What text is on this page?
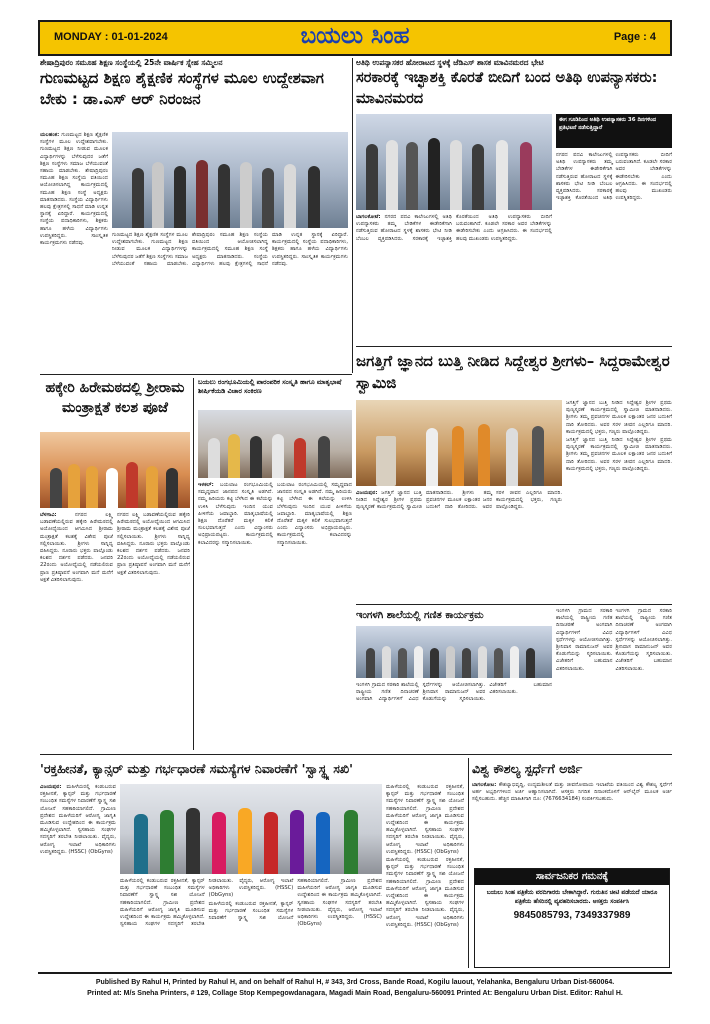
MONDAY : 01-01-2024	ಬಯಲು ಸಿಂಹ	Page : 4
ಶೇಷಾದ್ರಿಪುರಂ ಸಮೂಹ ಶಿಕ್ಷಣ ಸಂಸ್ಥೆಯಲ್ಲಿ 25ನೇ ವಾರ್ಷಿಕ ಸ್ನೇಹ ಸಮ್ಮಿಲನ
ಗುಣಮಟ್ಟದ ಶಿಕ್ಷಣ ಶೈಕ್ಷಣಿಕ ಸಂಸ್ಥೆಗಳ ಮೂಲ ಉದ್ದೇಶವಾಗ ಬೇಕು : ಡಾ.ಎಸ್ ಆರ್ ನಿರಂಜನ

ಯಲಹಂಕ: ಗುಣಮಟ್ಟದ ಶಿಕ್ಷಣ ಶೈಕ್ಷಣಿಕ ಸಂಸ್ಥೆಗಳ ಮೂಲ ಉದ್ದೇಶವಾಗಬೇಕು. ಗುಣಮಟ್ಟದ ಶಿಕ್ಷಣ ನೀಡುವ ಮೂಲಕ ವಿದ್ಯಾರ್ಥಿಗಳನ್ನು ಬೆಳೆಸುವುದರ ಜತೆಗೆ ಶಿಕ್ಷಣ ಸಂಸ್ಥೆಗಳು ಸಮಾಜ ಬೆಳೆಯುವಂತೆ ಸಹಾಯ ಮಾಡಬೇಕು. ಶೇಷಾದ್ರಿಪುರಂ ಸಮೂಹ ಶಿಕ್ಷಣ ಸಂಸ್ಥೆಯ ವತಿಯಿಂದ ಆಯೋಜಿಸಲಾಗಿದ್ದ ಕಾರ್ಯಕ್ರಮದಲ್ಲಿ ಸಮೂಹ ಶಿಕ್ಷಣ ಸಂಸ್ಥೆ ಅಧ್ಯಕ್ಷರು ಮಾತನಾಡಿದರು. ಸಂಸ್ಥೆಯ ವಿದ್ಯಾರ್ಥಿಗಳು ಹಲವು ಕ್ಷೇತ್ರಗಳಲ್ಲಿ ಸಾಧನೆ ಮಾಡಿ ಉನ್ನತ ಸ್ಥಾನಕ್ಕೆ ಏರಿದ್ದಾರೆ. ಕಾರ್ಯಕ್ರಮದಲ್ಲಿ ಸಂಸ್ಥೆಯ ಪದಾಧಿಕಾರಿಗಳು, ಶಿಕ್ಷಕರು ಹಾಗೂ ಹಳೆಯ ವಿದ್ಯಾರ್ಥಿಗಳು ಉಪಸ್ಥಿತರಿದ್ದರು. ಸಾಂಸ್ಕೃತಿಕ ಕಾರ್ಯಕ್ರಮಗಳು ನಡೆದವು.

ಗುಣಮಟ್ಟದ ಶಿಕ್ಷಣ ಶೈಕ್ಷಣಿಕ ಸಂಸ್ಥೆಗಳ ಮೂಲ ಉದ್ದೇಶವಾಗಬೇಕು. ಗುಣಮಟ್ಟದ ಶಿಕ್ಷಣ ನೀಡುವ ಮೂಲಕ ವಿದ್ಯಾರ್ಥಿಗಳನ್ನು ಬೆಳೆಸುವುದರ ಜತೆಗೆ ಶಿಕ್ಷಣ ಸಂಸ್ಥೆಗಳು ಸಮಾಜ ಬೆಳೆಯುವಂತೆ ಸಹಾಯ ಮಾಡಬೇಕು. ಶೇಷಾದ್ರಿಪುರಂ ಸಮೂಹ ಶಿಕ್ಷಣ ಸಂಸ್ಥೆಯ ವತಿಯಿಂದ ಆಯೋಜಿಸಲಾಗಿದ್ದ ಕಾರ್ಯಕ್ರಮದಲ್ಲಿ ಸಮೂಹ ಶಿಕ್ಷಣ ಸಂಸ್ಥೆ ಅಧ್ಯಕ್ಷರು ಮಾತನಾಡಿದರು. ಸಂಸ್ಥೆಯ ವಿದ್ಯಾರ್ಥಿಗಳು ಹಲವು ಕ್ಷೇತ್ರಗಳಲ್ಲಿ ಸಾಧನೆ ಮಾಡಿ ಉನ್ನತ ಸ್ಥಾನಕ್ಕೆ ಏರಿದ್ದಾರೆ. ಕಾರ್ಯಕ್ರಮದಲ್ಲಿ ಸಂಸ್ಥೆಯ ಪದಾಧಿಕಾರಿಗಳು, ಶಿಕ್ಷಕರು ಹಾಗೂ ಹಳೆಯ ವಿದ್ಯಾರ್ಥಿಗಳು ಉಪಸ್ಥಿತರಿದ್ದರು. ಸಾಂಸ್ಕೃತಿಕ ಕಾರ್ಯಕ್ರಮಗಳು ನಡೆದವು.

ಅತಿಥಿ ಉಪನ್ಯಾಸಕರ ಹೋರಾಟದ ಸ್ಥಳಕ್ಕೆ ಜೆಡಿಎಸ್ ಶಾಸಕ ಮಾವಿನಮರದ ಭೇಟಿ
ಸರಕಾರಕ್ಕೆ ಇಚ್ಛಾಶಕ್ತಿ ಕೊರತೆ ಬೀದಿಗೆ ಬಂದ ಅತಿಥಿ ಉಪನ್ಯಾಸಕರು: ಮಾವಿನಮರದ
ಈಗ ಗೂಡಿನಿಂದ ಅತಿಥಿ ಉಪನ್ಯಾಸಕರು 36 ದಿನಗಳಿಂದ ಪ್ರತಿಭಟನೆ ನಡೆಸುತ್ತಿದ್ದಾರೆ

ನಗರದ ಪದವಿ ಕಾಲೇಜುಗಳಲ್ಲಿ ಅತಿಥಿ ಉಪನ್ಯಾಸಕರು ತಮ್ಮ ಬೇಡಿಕೆಗಳ ಈಡೇರಿಕೆಗಾಗಿ ನಡೆಸುತ್ತಿರುವ ಹೋರಾಟದ ಸ್ಥಳಕ್ಕೆ ಶಾಸಕರು ಭೇಟಿ ನೀಡಿ ಬೆಂಬಲ ವ್ಯಕ್ತಪಡಿಸಿದರು. ಸರಕಾರಕ್ಕೆ ಇಚ್ಛಾಶಕ್ತಿ ಕೊರತೆಯಿಂದ ಅತಿಥಿ ಉಪನ್ಯಾಸಕರು ಬೀದಿಗೆ ಬರುವಂತಾಗಿದೆ. ಕೂಡಲೇ ಸರಕಾರ ಅವರ ಬೇಡಿಕೆಗಳನ್ನು ಈಡೇರಿಸಬೇಕು ಎಂದು ಆಗ್ರಹಿಸಿದರು. ಈ ಸಂದರ್ಭದಲ್ಲಿ ಹಲವು ಮುಖಂಡರು ಉಪಸ್ಥಿತರಿದ್ದರು.

ಬಾಗಲಕೋಟೆ: ನಗರದ ಪದವಿ ಕಾಲೇಜುಗಳಲ್ಲಿ ಅತಿಥಿ ಉಪನ್ಯಾಸಕರು ತಮ್ಮ ಬೇಡಿಕೆಗಳ ಈಡೇರಿಕೆಗಾಗಿ ನಡೆಸುತ್ತಿರುವ ಹೋರಾಟದ ಸ್ಥಳಕ್ಕೆ ಶಾಸಕರು ಭೇಟಿ ನೀಡಿ ಬೆಂಬಲ ವ್ಯಕ್ತಪಡಿಸಿದರು. ಸರಕಾರಕ್ಕೆ ಇಚ್ಛಾಶಕ್ತಿ ಕೊರತೆಯಿಂದ ಅತಿಥಿ ಉಪನ್ಯಾಸಕರು ಬೀದಿಗೆ ಬರುವಂತಾಗಿದೆ. ಕೂಡಲೇ ಸರಕಾರ ಅವರ ಬೇಡಿಕೆಗಳನ್ನು ಈಡೇರಿಸಬೇಕು ಎಂದು ಆಗ್ರಹಿಸಿದರು. ಈ ಸಂದರ್ಭದಲ್ಲಿ ಹಲವು ಮುಖಂಡರು ಉಪಸ್ಥಿತರಿದ್ದರು.

ಜಗತ್ತಿಗೆ ಜ್ಞಾನದ ಬುತ್ತಿ ನೀಡಿದ ಸಿದ್ದೇಶ್ವರ ಶ್ರೀಗಳು– ಸಿದ್ದರಾಮೇಶ್ವರ ಸ್ವಾಮಿಜಿ

ಜಗತ್ತಿಗೆ ಜ್ಞಾನದ ಬುತ್ತಿ ನೀಡಿದ ಸಿದ್ದೇಶ್ವರ ಶ್ರೀಗಳ ಪ್ರಥಮ ಪುಣ್ಯಸ್ಮರಣೆ ಕಾರ್ಯಕ್ರಮದಲ್ಲಿ ಸ್ವಾಮೀಜಿ ಮಾತನಾಡಿದರು. ಶ್ರೀಗಳು ತಮ್ಮ ಪ್ರವಚನಗಳ ಮೂಲಕ ಲಕ್ಷಾಂತರ ಜನರ ಬದುಕಿಗೆ ದಾರಿ ತೋರಿದರು. ಅವರ ಸರಳ ಜೀವನ ಎಲ್ಲರಿಗೂ ಮಾದರಿ. ಕಾರ್ಯಕ್ರಮದಲ್ಲಿ ಭಕ್ತರು, ಗಣ್ಯರು ಪಾಲ್ಗೊಂಡಿದ್ದರು.

ಜಗತ್ತಿಗೆ ಜ್ಞಾನದ ಬುತ್ತಿ ನೀಡಿದ ಸಿದ್ದೇಶ್ವರ ಶ್ರೀಗಳ ಪ್ರಥಮ ಪುಣ್ಯಸ್ಮರಣೆ ಕಾರ್ಯಕ್ರಮದಲ್ಲಿ ಸ್ವಾಮೀಜಿ ಮಾತನಾಡಿದರು. ಶ್ರೀಗಳು ತಮ್ಮ ಪ್ರವಚನಗಳ ಮೂಲಕ ಲಕ್ಷಾಂತರ ಜನರ ಬದುಕಿಗೆ ದಾರಿ ತೋರಿದರು. ಅವರ ಸರಳ ಜೀವನ ಎಲ್ಲರಿಗೂ ಮಾದರಿ. ಕಾರ್ಯಕ್ರಮದಲ್ಲಿ ಭಕ್ತರು, ಗಣ್ಯರು ಪಾಲ್ಗೊಂಡಿದ್ದರು.

ವಿಜಯಪುರ: ಜಗತ್ತಿಗೆ ಜ್ಞಾನದ ಬುತ್ತಿ ನೀಡಿದ ಸಿದ್ದೇಶ್ವರ ಶ್ರೀಗಳ ಪ್ರಥಮ ಪುಣ್ಯಸ್ಮರಣೆ ಕಾರ್ಯಕ್ರಮದಲ್ಲಿ ಸ್ವಾಮೀಜಿ ಮಾತನಾಡಿದರು. ಶ್ರೀಗಳು ತಮ್ಮ ಪ್ರವಚನಗಳ ಮೂಲಕ ಲಕ್ಷಾಂತರ ಜನರ ಬದುಕಿಗೆ ದಾರಿ ತೋರಿದರು. ಅವರ ಸರಳ ಜೀವನ ಎಲ್ಲರಿಗೂ ಮಾದರಿ. ಕಾರ್ಯಕ್ರಮದಲ್ಲಿ ಭಕ್ತರು, ಗಣ್ಯರು ಪಾಲ್ಗೊಂಡಿದ್ದರು.

ಹಕ್ಕೇರಿ ಹಿರೇಮಠದಲ್ಲಿ ಶ್ರೀರಾಮ ಮಂತ್ರಾಕ್ಷತೆ ಕಲಶ ಪೂಜೆ

ಬೆಳಗಾವಿ:	ನಗರದ ಲಕ್ಷ್ಮಿ ಬಡಾವಣೆಯಲ್ಲಿರುವ ಹಕ್ಕೇರಿ ಹಿರೇಮಠದಲ್ಲಿ ಅಯೋಧ್ಯೆಯಿಂದ ಆಗಮಿಸಿದ ಶ್ರೀರಾಮ ಮಂತ್ರಾಕ್ಷತೆ ಕಲಶಕ್ಕೆ ವಿಶೇಷ ಪೂಜೆ ಸಲ್ಲಿಸಲಾಯಿತು. ಶ್ರೀಗಳು ಸಾನ್ನಿಧ್ಯ ವಹಿಸಿದ್ದರು. ನೂರಾರು ಭಕ್ತರು ಪಾಲ್ಗೊಂಡು ಕಲಶದ ದರ್ಶನ ಪಡೆದರು. ಜನವರಿ 22ರಂದು ಅಯೋಧ್ಯೆಯಲ್ಲಿ ನಡೆಯಲಿರುವ ಪ್ರಾಣ ಪ್ರತಿಷ್ಠಾಪನೆ ಅಂಗವಾಗಿ ಮನೆ ಮನೆಗೆ ಅಕ್ಷತೆ ವಿತರಿಸಲಾಗುವುದು.

ನಗರದ ಲಕ್ಷ್ಮಿ ಬಡಾವಣೆಯಲ್ಲಿರುವ ಹಕ್ಕೇರಿ ಹಿರೇಮಠದಲ್ಲಿ ಅಯೋಧ್ಯೆಯಿಂದ ಆಗಮಿಸಿದ ಶ್ರೀರಾಮ ಮಂತ್ರಾಕ್ಷತೆ ಕಲಶಕ್ಕೆ ವಿಶೇಷ ಪೂಜೆ ಸಲ್ಲಿಸಲಾಯಿತು. ಶ್ರೀಗಳು ಸಾನ್ನಿಧ್ಯ ವಹಿಸಿದ್ದರು. ನೂರಾರು ಭಕ್ತರು ಪಾಲ್ಗೊಂಡು ಕಲಶದ ದರ್ಶನ ಪಡೆದರು. ಜನವರಿ 22ರಂದು ಅಯೋಧ್ಯೆಯಲ್ಲಿ ನಡೆಯಲಿರುವ ಪ್ರಾಣ ಪ್ರತಿಷ್ಠಾಪನೆ ಅಂಗವಾಗಿ ಮನೆ ಮನೆಗೆ ಅಕ್ಷತೆ ವಿತರಿಸಲಾಗುವುದು.

ಬಯಲು ರಂಗಭೂಮಿಯಲ್ಲಿ ಪಾರಂಪರಿಕ ಸಂಸ್ಕೃತಿ ಹಾಗೂ ಮಾತೃಭಾಷೆ ಶೀರ್ಷಿಕೆಯಡಿ ವಿಚಾರ ಸಂಕಿರಣ

ಇಳಕಲ್: ಬಯಲಾಟ ರಂಗಭೂಮಿಯಲ್ಲಿ ಸಮೃದ್ಧವಾದ ಜಾನಪದ ಸಂಸ್ಕೃತಿ ಅಡಗಿದೆ. ನಮ್ಮ ಹಿರಿಯರು ಕಟ್ಟಿ ಬೆಳೆಸಿದ ಈ ಕಲೆಯನ್ನು ಉಳಿಸಿ ಬೆಳೆಸುವುದು ಇಂದಿನ ಯುವ ಪೀಳಿಗೆಯ ಜವಾಬ್ದಾರಿ. ಮಾತೃಭಾಷೆಯಲ್ಲಿ ಶಿಕ್ಷಣ ದೊರೆತರೆ ಮಕ್ಕಳ ಕಲಿಕೆ ಸುಲಭವಾಗುತ್ತದೆ ಎಂದು ವಿದ್ವಾಂಸರು ಅಭಿಪ್ರಾಯಪಟ್ಟರು. ಕಾರ್ಯಕ್ರಮದಲ್ಲಿ ಕಲಾವಿದರನ್ನು ಸನ್ಮಾನಿಸಲಾಯಿತು.

ಬಯಲಾಟ ರಂಗಭೂಮಿಯಲ್ಲಿ ಸಮೃದ್ಧವಾದ ಜಾನಪದ ಸಂಸ್ಕೃತಿ ಅಡಗಿದೆ. ನಮ್ಮ ಹಿರಿಯರು ಕಟ್ಟಿ ಬೆಳೆಸಿದ ಈ ಕಲೆಯನ್ನು ಉಳಿಸಿ ಬೆಳೆಸುವುದು ಇಂದಿನ ಯುವ ಪೀಳಿಗೆಯ ಜವಾಬ್ದಾರಿ. ಮಾತೃಭಾಷೆಯಲ್ಲಿ ಶಿಕ್ಷಣ ದೊರೆತರೆ ಮಕ್ಕಳ ಕಲಿಕೆ ಸುಲಭವಾಗುತ್ತದೆ ಎಂದು ವಿದ್ವಾಂಸರು ಅಭಿಪ್ರಾಯಪಟ್ಟರು. ಕಾರ್ಯಕ್ರಮದಲ್ಲಿ ಕಲಾವಿದರನ್ನು ಸನ್ಮಾನಿಸಲಾಯಿತು.

ಇಂಗಳಗಿ ಶಾಲೆಯಲ್ಲಿ ಗಣಿತ ಕಾರ್ಯಕ್ರಮ	ಇಂಗಳಗಿ ಗ್ರಾಮದ ಸರಕಾರಿ ಶಾಲೆಯಲ್ಲಿ ರಾಷ್ಟ್ರೀಯ ಗಣಿತ ದಿನಾಚರಣೆ ಅಂಗವಾಗಿ ವಿದ್ಯಾರ್ಥಿಗಳಿಗೆ ವಿವಿಧ ಸ್ಪರ್ಧೆಗಳನ್ನು ಆಯೋಜಿಸಲಾಗಿತ್ತು. ಶ್ರೀನಿವಾಸ ರಾಮಾನುಜನ್ ಅವರ ಕೊಡುಗೆಯನ್ನು ಸ್ಮರಿಸಲಾಯಿತು. ವಿಜೇತರಿಗೆ ಬಹುಮಾನ ವಿತರಿಸಲಾಯಿತು.

ಇಂಗಳಗಿ ಗ್ರಾಮದ ಸರಕಾರಿ ಶಾಲೆಯಲ್ಲಿ ರಾಷ್ಟ್ರೀಯ ಗಣಿತ ದಿನಾಚರಣೆ ಅಂಗವಾಗಿ ವಿದ್ಯಾರ್ಥಿಗಳಿಗೆ ವಿವಿಧ ಸ್ಪರ್ಧೆಗಳನ್ನು ಆಯೋಜಿಸಲಾಗಿತ್ತು. ಶ್ರೀನಿವಾಸ ರಾಮಾನುಜನ್ ಅವರ ಕೊಡುಗೆಯನ್ನು ಸ್ಮರಿಸಲಾಯಿತು. ವಿಜೇತರಿಗೆ ಬಹುಮಾನ ವಿತರಿಸಲಾಯಿತು.

ಇಂಗಳಗಿ ಗ್ರಾಮದ ಸರಕಾರಿ ಶಾಲೆಯಲ್ಲಿ ರಾಷ್ಟ್ರೀಯ ಗಣಿತ ದಿನಾಚರಣೆ ಅಂಗವಾಗಿ ವಿದ್ಯಾರ್ಥಿಗಳಿಗೆ ವಿವಿಧ ಸ್ಪರ್ಧೆಗಳನ್ನು ಆಯೋಜಿಸಲಾಗಿತ್ತು. ಶ್ರೀನಿವಾಸ ರಾಮಾನುಜನ್ ಅವರ ಕೊಡುಗೆಯನ್ನು ಸ್ಮರಿಸಲಾಯಿತು. ವಿಜೇತರಿಗೆ ಬಹುಮಾನ ವಿತರಿಸಲಾಯಿತು.

'ರಕ್ತಹೀನತೆ, ಕ್ಯಾನ್ಸರ್ ಮತ್ತು ಗರ್ಭಧಾರಣೆ ಸಮಸ್ಯೆಗಳ ನಿವಾರಣೆಗೆ 'ಸ್ವಾಸ್ಥ್ಯ ಸಖಿ'

ವಿಜಯಪುರ: ಮಹಿಳೆಯರಲ್ಲಿ ಕಂಡುಬರುವ ರಕ್ತಹೀನತೆ, ಕ್ಯಾನ್ಸರ್ ಮತ್ತು ಗರ್ಭಧಾರಣೆ ಸಂಬಂಧಿತ ಸಮಸ್ಯೆಗಳ ನಿವಾರಣೆಗೆ ಸ್ವಾಸ್ಥ್ಯ ಸಖಿ ಯೋಜನೆ ಸಹಕಾರಿಯಾಗಲಿದೆ. ಗ್ರಾಮೀಣ ಪ್ರದೇಶದ ಮಹಿಳೆಯರಿಗೆ ಆರೋಗ್ಯ ಜಾಗೃತಿ ಮೂಡಿಸುವ ಉದ್ದೇಶದಿಂದ ಈ ಕಾರ್ಯಕ್ರಮ ಹಮ್ಮಿಕೊಳ್ಳಲಾಗಿದೆ. ಸ್ವಸಹಾಯ ಸಂಘಗಳ ಸದಸ್ಯರಿಗೆ ತರಬೇತಿ ನೀಡಲಾಯಿತು. ವೈದ್ಯರು, ಆರೋಗ್ಯ ಇಲಾಖೆ ಅಧಿಕಾರಿಗಳು ಉಪಸ್ಥಿತರಿದ್ದರು. (HSSC) (ObGyns)

ಮಹಿಳೆಯರಲ್ಲಿ ಕಂಡುಬರುವ ರಕ್ತಹೀನತೆ, ಕ್ಯಾನ್ಸರ್ ಮತ್ತು ಗರ್ಭಧಾರಣೆ ಸಂಬಂಧಿತ ಸಮಸ್ಯೆಗಳ ನಿವಾರಣೆಗೆ ಸ್ವಾಸ್ಥ್ಯ ಸಖಿ ಯೋಜನೆ ಸಹಕಾರಿಯಾಗಲಿದೆ. ಗ್ರಾಮೀಣ ಪ್ರದೇಶದ ಮಹಿಳೆಯರಿಗೆ ಆರೋಗ್ಯ ಜಾಗೃತಿ ಮೂಡಿಸುವ ಉದ್ದೇಶದಿಂದ ಈ ಕಾರ್ಯಕ್ರಮ ಹಮ್ಮಿಕೊಳ್ಳಲಾಗಿದೆ. ಸ್ವಸಹಾಯ ಸಂಘಗಳ ಸದಸ್ಯರಿಗೆ ತರಬೇತಿ ನೀಡಲಾಯಿತು. ವೈದ್ಯರು, ಆರೋಗ್ಯ ಇಲಾಖೆ ಅಧಿಕಾರಿಗಳು ಉಪಸ್ಥಿತರಿದ್ದರು. (HSSC) (ObGyns)

ಮಹಿಳೆಯರಲ್ಲಿ ಕಂಡುಬರುವ ರಕ್ತಹೀನತೆ, ಕ್ಯಾನ್ಸರ್ ಮತ್ತು ಗರ್ಭಧಾರಣೆ ಸಂಬಂಧಿತ ಸಮಸ್ಯೆಗಳ ನಿವಾರಣೆಗೆ ಸ್ವಾಸ್ಥ್ಯ ಸಖಿ ಯೋಜನೆ ಸಹಕಾರಿಯಾಗಲಿದೆ. ಗ್ರಾಮೀಣ ಪ್ರದೇಶದ ಮಹಿಳೆಯರಿಗೆ ಆರೋಗ್ಯ ಜಾಗೃತಿ ಮೂಡಿಸುವ ಉದ್ದೇಶದಿಂದ ಈ ಕಾರ್ಯಕ್ರಮ ಹಮ್ಮಿಕೊಳ್ಳಲಾಗಿದೆ. ಸ್ವಸಹಾಯ ಸಂಘಗಳ ಸದಸ್ಯರಿಗೆ ತರಬೇತಿ ನೀಡಲಾಯಿತು. ವೈದ್ಯರು, ಆರೋಗ್ಯ ಇಲಾಖೆ ಅಧಿಕಾರಿಗಳು ಉಪಸ್ಥಿತರಿದ್ದರು. (HSSC) (ObGyns)

ಮಹಿಳೆಯರಲ್ಲಿ ಕಂಡುಬರುವ ರಕ್ತಹೀನತೆ, ಕ್ಯಾನ್ಸರ್ ಮತ್ತು ಗರ್ಭಧಾರಣೆ ಸಂಬಂಧಿತ ಸಮಸ್ಯೆಗಳ ನಿವಾರಣೆಗೆ ಸ್ವಾಸ್ಥ್ಯ ಸಖಿ ಯೋಜನೆ ಸಹಕಾರಿಯಾಗಲಿದೆ. ಗ್ರಾಮೀಣ ಪ್ರದೇಶದ ಮಹಿಳೆಯರಿಗೆ ಆರೋಗ್ಯ ಜಾಗೃತಿ ಮೂಡಿಸುವ ಉದ್ದೇಶದಿಂದ ಈ ಕಾರ್ಯಕ್ರಮ ಹಮ್ಮಿಕೊಳ್ಳಲಾಗಿದೆ. ಸ್ವಸಹಾಯ ಸಂಘಗಳ ಸದಸ್ಯರಿಗೆ ತರಬೇತಿ ನೀಡಲಾಯಿತು. ವೈದ್ಯರು, ಆರೋಗ್ಯ ಇಲಾಖೆ ಅಧಿಕಾರಿಗಳು ಉಪಸ್ಥಿತರಿದ್ದರು. (HSSC) (ObGyns)

ಮಹಿಳೆಯರಲ್ಲಿ ಕಂಡುಬರುವ ರಕ್ತಹೀನತೆ, ಕ್ಯಾನ್ಸರ್ ಮತ್ತು ಗರ್ಭಧಾರಣೆ ಸಂಬಂಧಿತ ಸಮಸ್ಯೆಗಳ ನಿವಾರಣೆಗೆ ಸ್ವಾಸ್ಥ್ಯ ಸಖಿ ಯೋಜನೆ ಸಹಕಾರಿಯಾಗಲಿದೆ. ಗ್ರಾಮೀಣ ಪ್ರದೇಶದ ಮಹಿಳೆಯರಿಗೆ ಆರೋಗ್ಯ ಜಾಗೃತಿ ಮೂಡಿಸುವ ಉದ್ದೇಶದಿಂದ ಈ ಕಾರ್ಯಕ್ರಮ ಹಮ್ಮಿಕೊಳ್ಳಲಾಗಿದೆ. ಸ್ವಸಹಾಯ ಸಂಘಗಳ ಸದಸ್ಯರಿಗೆ ತರಬೇತಿ ನೀಡಲಾಯಿತು. ವೈದ್ಯರು, ಆರೋಗ್ಯ ಇಲಾಖೆ ಅಧಿಕಾರಿಗಳು ಉಪಸ್ಥಿತರಿದ್ದರು. (HSSC) (ObGyns)

ವಿಶ್ವ ಕೌಶಲ್ಯ ಸ್ಪರ್ಧೆಗೆ ಅರ್ಜಿ

ಬಾಗಲಕೋಟ: ಕೌಶಲ್ಯಾಭಿವೃದ್ಧಿ, ಉದ್ಯಮಶೀಲತೆ ಮತ್ತು ಜೀವನೋಪಾಯ ಇಲಾಖೆಯ ವತಿಯಿಂದ ವಿಶ್ವ ಕೌಶಲ್ಯ ಸ್ಪರ್ಧೆಗೆ ಅರ್ಹ ಅಭ್ಯರ್ಥಿಗಳಿಂದ ಅರ್ಜಿ ಆಹ್ವಾನಿಸಲಾಗಿದೆ. ಆಸಕ್ತರು ನಿಗದಿತ ದಿನಾಂಕದೊಳಗೆ ಆನ್‌ಲೈನ್ ಮೂಲಕ ಅರ್ಜಿ ಸಲ್ಲಿಸಬಹುದು. ಹೆಚ್ಚಿನ ಮಾಹಿತಿಗಾಗಿ ದೂ: (7676634184) ಸಂಪರ್ಕಿಸಬಹುದು.

ಸಾರ್ವಜನಿಕರ ಗಮನಕ್ಕೆ
ಬಯಲು ಸಿಂಹ ಪತ್ರಿಕೆಯ ವರದಿಗಾರರು ಬೇಕಾಗಿದ್ದಾರೆ. ಗುರುತಿನ ಚೀಟಿ ಪಡೆಯದೆ ಯಾರೂ ಪತ್ರಿಕೆಯ ಹೆಸರಿನಲ್ಲಿ ವ್ಯವಹರಿಸಬಾರದು. ಆಸಕ್ತರು ಸಂಪರ್ಕಿಸಿ
9845085793, 7349337989
Published By Rahul H, Printed by Rahul H, and on behalf of Rahul H, # 343, 3rd Cross, Bande Road, Kogilu lauout, Yelahanka, Bengaluru Urban Dist-560064.
Printed at: M/s Sneha Printers, # 129, Collage Stop Kempegowdanagara, Magadi Main Road, Bengaluru-560091 Printed At: Bengaluru Urban Dist. Editor: Rahul H.
